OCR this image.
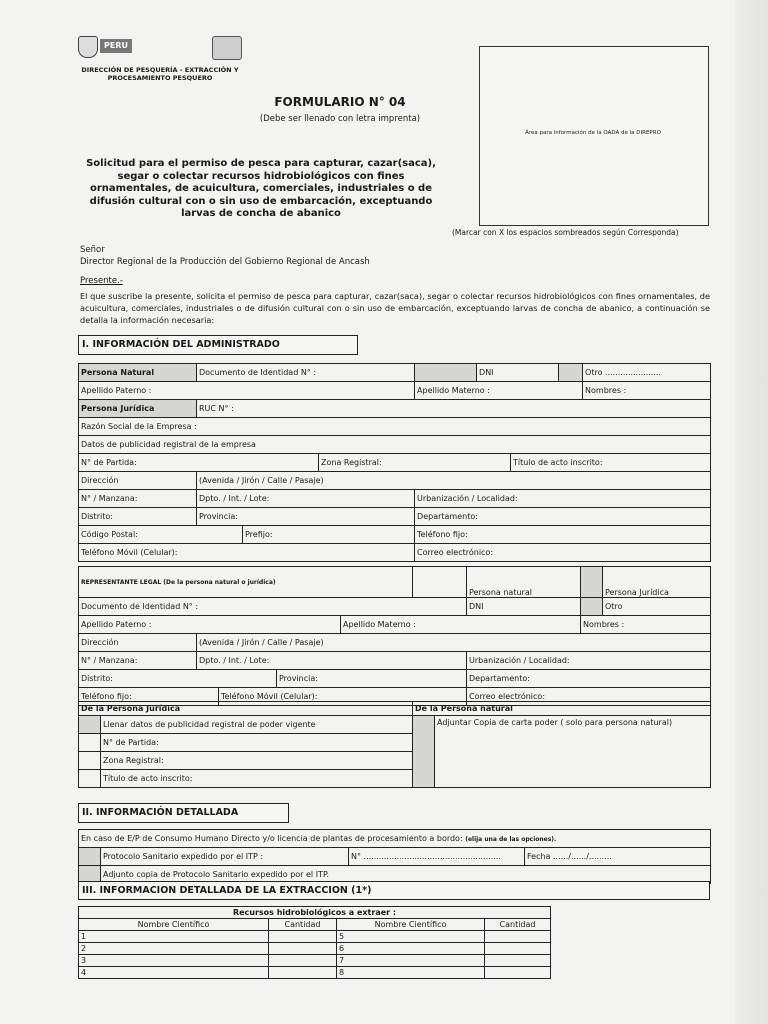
PERU
DIRECCIÓN DE PESQUERÍA - EXTRACCIÓN Y PROCESAMIENTO PESQUERO
FORMULARIO N° 04
(Debe ser llenado con letra imprenta)
Solicitud para el permiso de pesca para capturar, cazar(saca), segar o colectar recursos hidrobiológicos con fines ornamentales, de acuicultura, comerciales, industriales o de difusión cultural con o sin uso de embarcación, exceptuando larvas de concha de abanico
Área para información de la OADA de la DIREPRO
(Marcar con X los espacios sombreados según Corresponda)
Señor
Director Regional de la Producción del Gobierno Regional de Ancash
Presente.-
El que suscribe la presente, solicita el permiso de pesca para capturar, cazar(saca), segar o colectar recursos hidrobiológicos con fines ornamentales, de acuicultura, comerciales, industriales o de difusión cultural con o sin uso de embarcación, exceptuando larvas de concha de abanico, a continuación se detalla la información necesaria:
I. INFORMACIÓN DEL ADMINISTRADO
Persona Natural	Documento de Identidad N° :				DNI			Otro ......................
Apellido Paterno :				Apellido Materno :				Nombres :
Persona Jurídica	RUC N° :							
Razón Social de la Empresa :								
Datos de publicidad registral de la empresa								
N° de Partida:			Zona Registral:			Título de acto inscrito:		
Dirección	(Avenida / Jirón / Calle / Pasaje)							
N° / Manzana:	Dpto. / Int. / Lote:			Urbanización / Localidad:				
Distrito:	Provincia:			Departamento:				
Código Postal:		Prefijo:		Teléfono fijo:				
Teléfono Móvil (Celular):				Correo electrónico:				
REPRESENTANTE LEGAL (De la persona natural o jurídica)						Persona natural		Persona Jurídica
Documento de Identidad N° :						DNI		Otro
Apellido Paterno :				Apellido Materno :			Nombres :	
Dirección	(Avenida / Jirón / Calle / Pasaje)							
N° / Manzana:	Dpto. / Int. / Lote:					Urbanización / Localidad:		
Distrito:			Provincia:			Departamento:		
Teléfono fijo:		Teléfono Móvil (Celular):				Correo electrónico:		
De la Persona Jurídica		De la Persona natural	
	Llenar datos de publicidad registral de poder vigente		Adjuntar Copia de carta poder ( solo para persona natural)
	N° de Partida:		
	Zona Registral:		
	Título de acto inscrito:		
II. INFORMACIÓN DETALLADA
En caso de E/P de Consumo Humano Directo y/o licencia de plantas de procesamiento a bordo: (elija una de las opciones).			
	Protocolo Sanitario expedido por el ITP :	N° ......................................................	Fecha ....../....../.........
	Adjunto copia de Protocolo Sanitario expedido por el ITP.		
III. INFORMACION DETALLADA DE LA EXTRACCION (1*)
Recursos hidrobiológicos a extraer :			
Nombre Científico	Cantidad	Nombre Científico	Cantidad
1		5	
2		6	
3		7	
4		8	
